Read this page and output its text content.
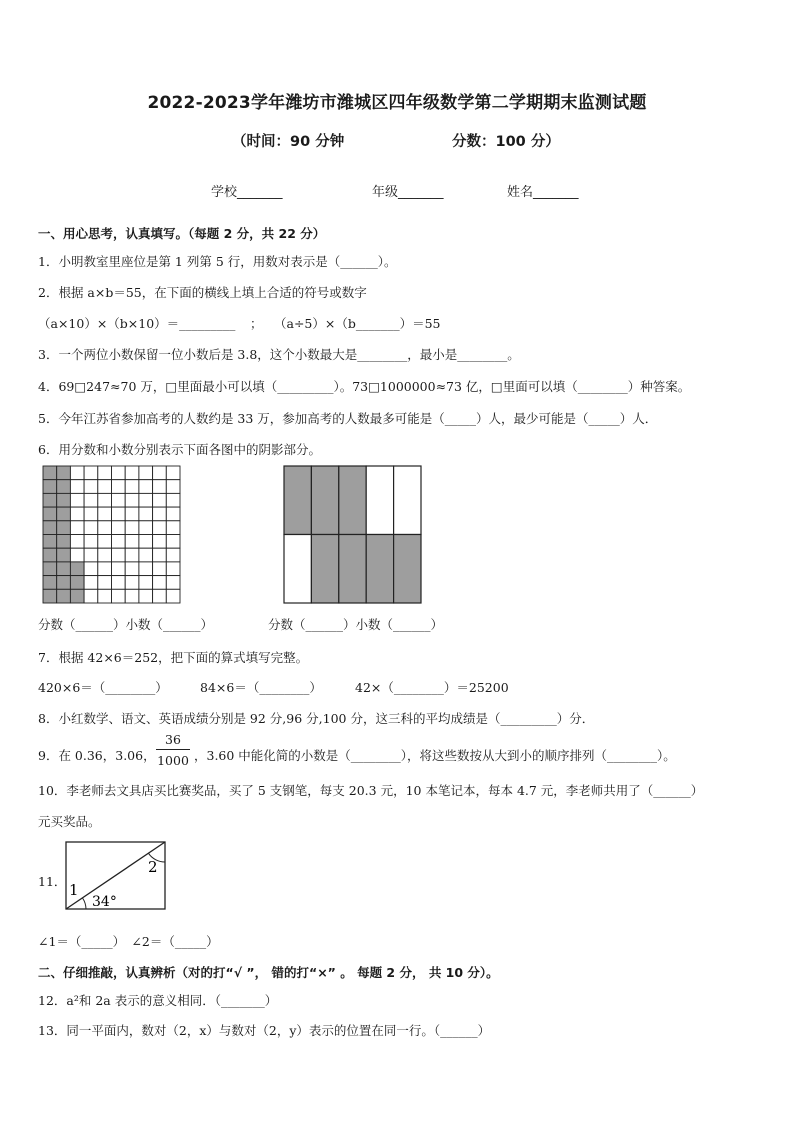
2022-2023学年潍坊市潍城区四年级数学第二学期期末监测试题
（时间：90 分钟	分数：100 分）
学校_______	年级_______	姓名_______
一、用心思考，认真填写。（每题 2 分，共 22 分）
1．小明教室里座位是第 1 列第 5 行，用数对表示是（______）。
2．根据 a×b＝55，在下面的横线上填上合适的符号或数字
（a×10）×（b×10）＝_________ ； （a÷5）×（b_______）＝55
3．一个两位小数保留一位小数后是 3.8，这个小数最大是________，最小是________。
4．69□247≈70 万，□里面最小可以填（_________）。73□1000000≈73 亿，□里面可以填（________）种答案。
5．今年江苏省参加高考的人数约是 33 万，参加高考的人数最多可能是（_____）人，最少可能是（_____）人．
6．用分数和小数分别表示下面各图中的阴影部分。
分数（______）小数（______）	分数（______）小数（______）
7．根据 42×6＝252，把下面的算式填写完整。
420×6＝（________）	84×6＝（________）	42×（________）＝25200
8．小红数学、语文、英语成绩分别是 92 分,96 分,100 分，这三科的平均成绩是（_________）分．
9．在 0.36，3.06， $\frac{36}{1000}$ ，3.60 中能化简的小数是（________），将这些数按从大到小的顺序排列（________）。
10．李老师去文具店买比赛奖品，买了 5 支钢笔，每支 20.3 元，10 本笔记本，每本 4.7 元，李老师共用了（______）
元买奖品。
11． 1
2
34°
∠1＝（_____）　∠2＝（_____）
二、仔细推敲，认真辨析（对的打“√ ”， 错的打“×” 。 每题 2 分， 共 10 分）。
12．a²和 2a 表示的意义相同．（_______）
13．同一平面内，数对（2，x）与数对（2，y）表示的位置在同一行。（______）
